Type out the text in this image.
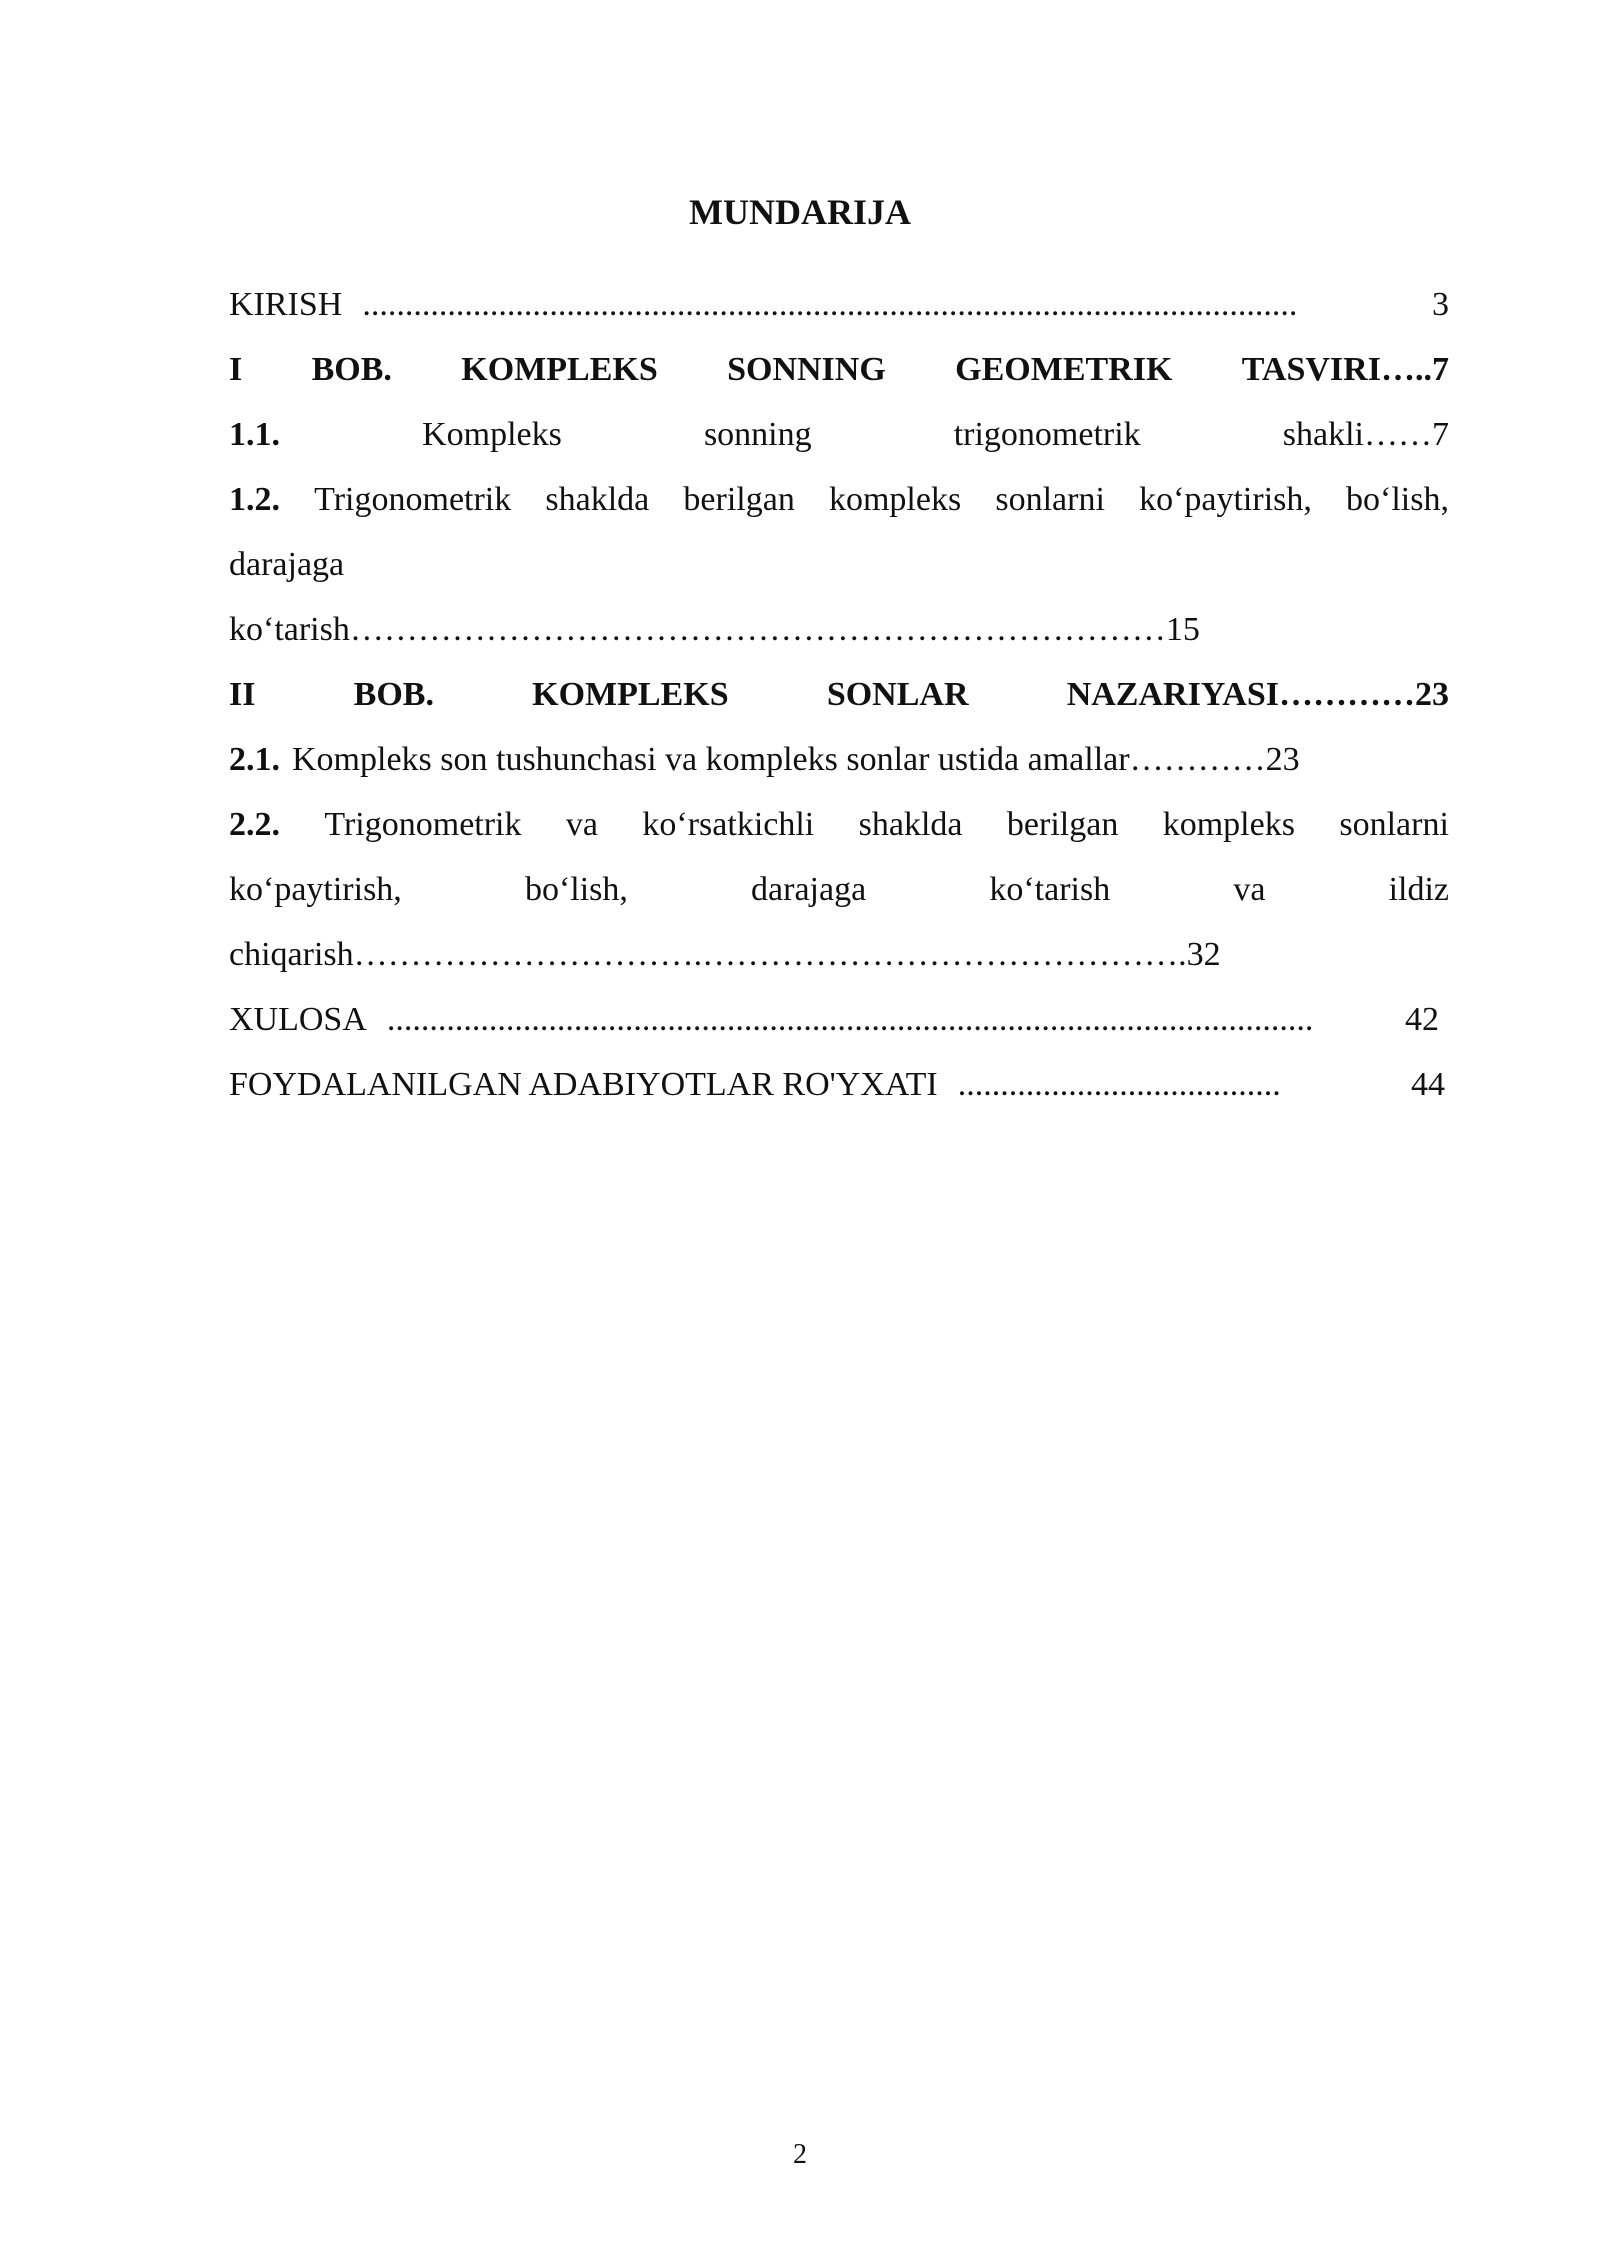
MUNDARIJA
KIRISH ..............................................................................................................	3
I BOB. KOMPLEKS SONNING GEOMETRIK TASVIRI…..7
1.1.	Kompleks	sonning	trigonometrik	shakli……7
1.2. Trigonometrik shaklda berilgan kompleks sonlarni ko‘paytirish, bo‘lish,
darajaga
ko‘tarish………………………………………………………………15
II	BOB.	KOMPLEKS	SONLAR	NAZARIYASI…………23
2.1. Kompleks son tushunchasi va kompleks sonlar ustida amallar…………23
2.2. Trigonometrik va ko‘rsatkichli shaklda berilgan kompleks sonlarni
ko‘paytirish,	bo‘lish,	darajaga	ko‘tarish	va	ildiz
chiqarish………………………….…………………………………….32
XULOSA .............................................................................................................	42
FOYDALANILGAN ADABIYOTLAR RO'YXATI ......................................	44
2
